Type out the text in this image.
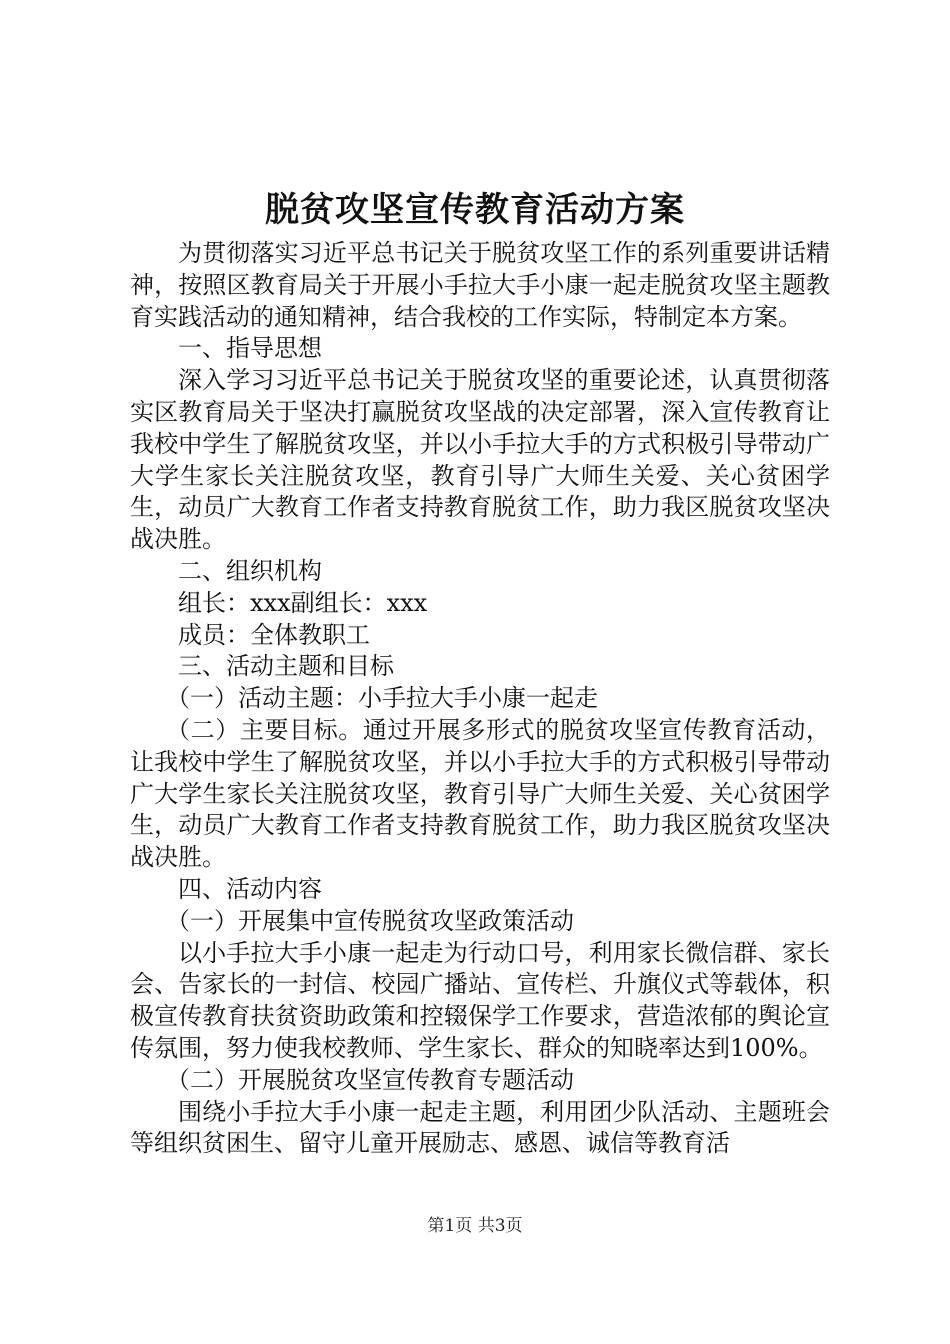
脱贫攻坚宣传教育活动方案

为贯彻落实习近平总书记关于脱贫攻坚工作的系列重要讲话精神，按照区教育局关于开展小手拉大手小康一起走脱贫攻坚主题教育实践活动的通知精神，结合我校的工作实际，特制定本方案。

一、指导思想

深入学习习近平总书记关于脱贫攻坚的重要论述，认真贯彻落实区教育局关于坚决打赢脱贫攻坚战的决定部署，深入宣传教育让我校中学生了解脱贫攻坚，并以小手拉大手的方式积极引导带动广大学生家长关注脱贫攻坚，教育引导广大师生关爱、关心贫困学生，动员广大教育工作者支持教育脱贫工作，助力我区脱贫攻坚决战决胜。

二、组织机构

组长：xxx副组长：xxx

成员：全体教职工

三、活动主题和目标

（一）活动主题：小手拉大手小康一起走

（二）主要目标。通过开展多形式的脱贫攻坚宣传教育活动，让我校中学生了解脱贫攻坚，并以小手拉大手的方式积极引导带动广大学生家长关注脱贫攻坚，教育引导广大师生关爱、关心贫困学生，动员广大教育工作者支持教育脱贫工作，助力我区脱贫攻坚决战决胜。

四、活动内容

（一）开展集中宣传脱贫攻坚政策活动

以小手拉大手小康一起走为行动口号，利用家长微信群、家长会、告家长的一封信、校园广播站、宣传栏、升旗仪式等载体，积极宣传教育扶贫资助政策和控辍保学工作要求，营造浓郁的舆论宣传氛围，努力使我校教师、学生家长、群众的知晓率达到100%。

（二）开展脱贫攻坚宣传教育专题活动

围绕小手拉大手小康一起走主题，利用团少队活动、主题班会等组织贫困生、留守儿童开展励志、感恩、诚信等教育活

第1页 共3页
